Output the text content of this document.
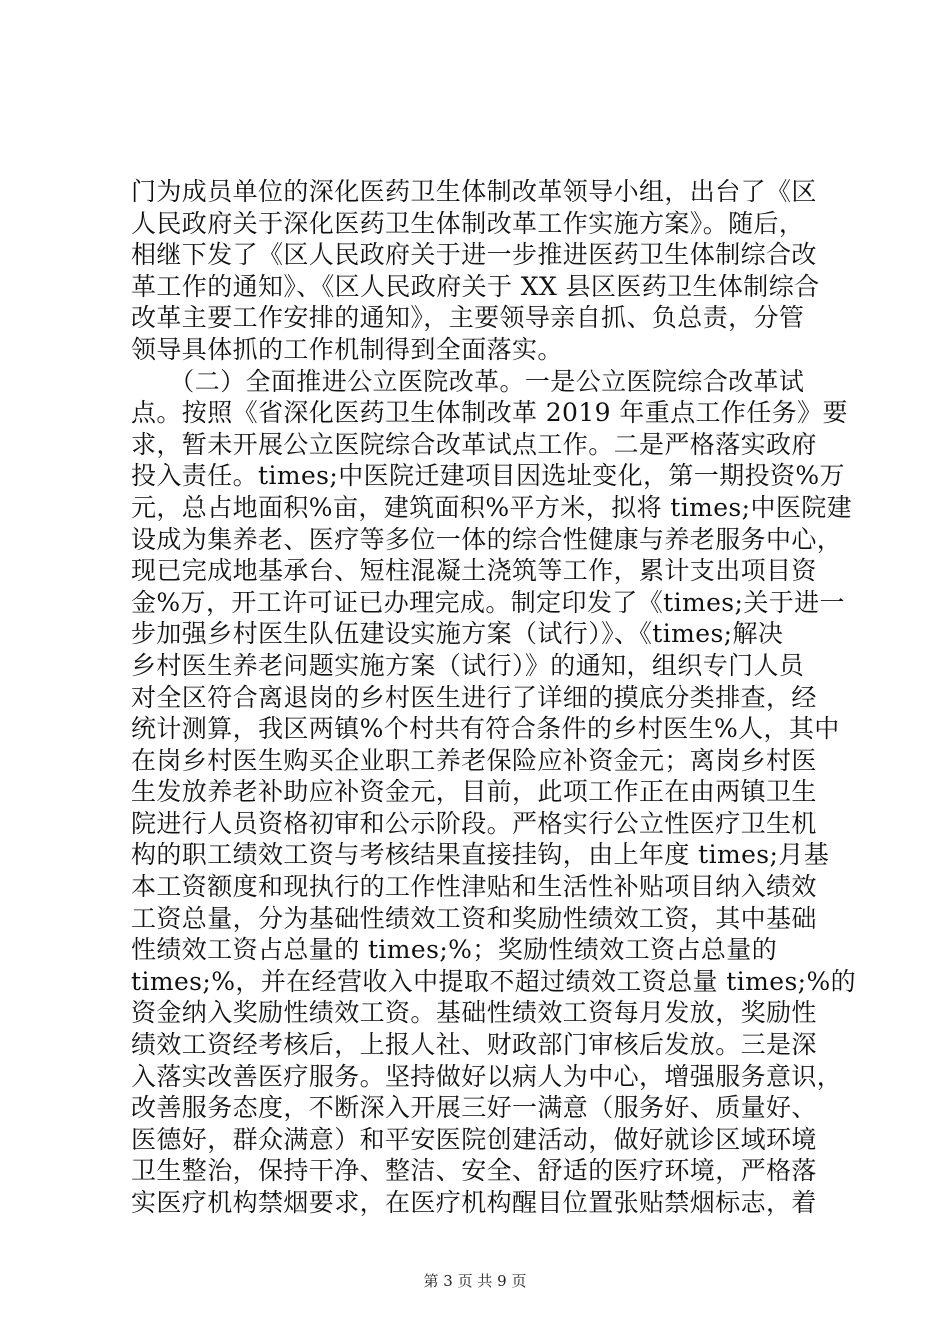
门为成员单位的深化医药卫生体制改革领导小组，出台了《区
人民政府关于深化医药卫生体制改革工作实施方案》。随后，
相继下发了《区人民政府关于进一步推进医药卫生体制综合改
革工作的通知》、《区人民政府关于 XX 县区医药卫生体制综合
改革主要工作安排的通知》，主要领导亲自抓、负总责，分管
领导具体抓的工作机制得到全面落实。
　　（二）全面推进公立医院改革。一是公立医院综合改革试
点。按照《省深化医药卫生体制改革 2019 年重点工作任务》要
求，暂未开展公立医院综合改革试点工作。二是严格落实政府
投入责任。times;中医院迁建项目因选址变化，第一期投资%万
元，总占地面积%亩，建筑面积%平方米，拟将 times;中医院建
设成为集养老、医疗等多位一体的综合性健康与养老服务中心，
现已完成地基承台、短柱混凝土浇筑等工作，累计支出项目资
金%万，开工许可证已办理完成。制定印发了《times;关于进一
步加强乡村医生队伍建设实施方案（试行）》、《times;解决
乡村医生养老问题实施方案（试行）》的通知，组织专门人员
对全区符合离退岗的乡村医生进行了详细的摸底分类排查，经
统计测算，我区两镇%个村共有符合条件的乡村医生%人，其中
在岗乡村医生购买企业职工养老保险应补资金元；离岗乡村医
生发放养老补助应补资金元，目前，此项工作正在由两镇卫生
院进行人员资格初审和公示阶段。严格实行公立性医疗卫生机
构的职工绩效工资与考核结果直接挂钩，由上年度 times;月基
本工资额度和现执行的工作性津贴和生活性补贴项目纳入绩效
工资总量，分为基础性绩效工资和奖励性绩效工资，其中基础
性绩效工资占总量的 times;%；奖励性绩效工资占总量的
times;%，并在经营收入中提取不超过绩效工资总量 times;%的
资金纳入奖励性绩效工资。基础性绩效工资每月发放，奖励性
绩效工资经考核后，上报人社、财政部门审核后发放。三是深
入落实改善医疗服务。坚持做好以病人为中心，增强服务意识，
改善服务态度，不断深入开展三好一满意（服务好、质量好、
医德好，群众满意）和平安医院创建活动，做好就诊区域环境
卫生整治，保持干净、整洁、安全、舒适的医疗环境，严格落
实医疗机构禁烟要求，在医疗机构醒目位置张贴禁烟标志，着
第 3 页 共 9 页
